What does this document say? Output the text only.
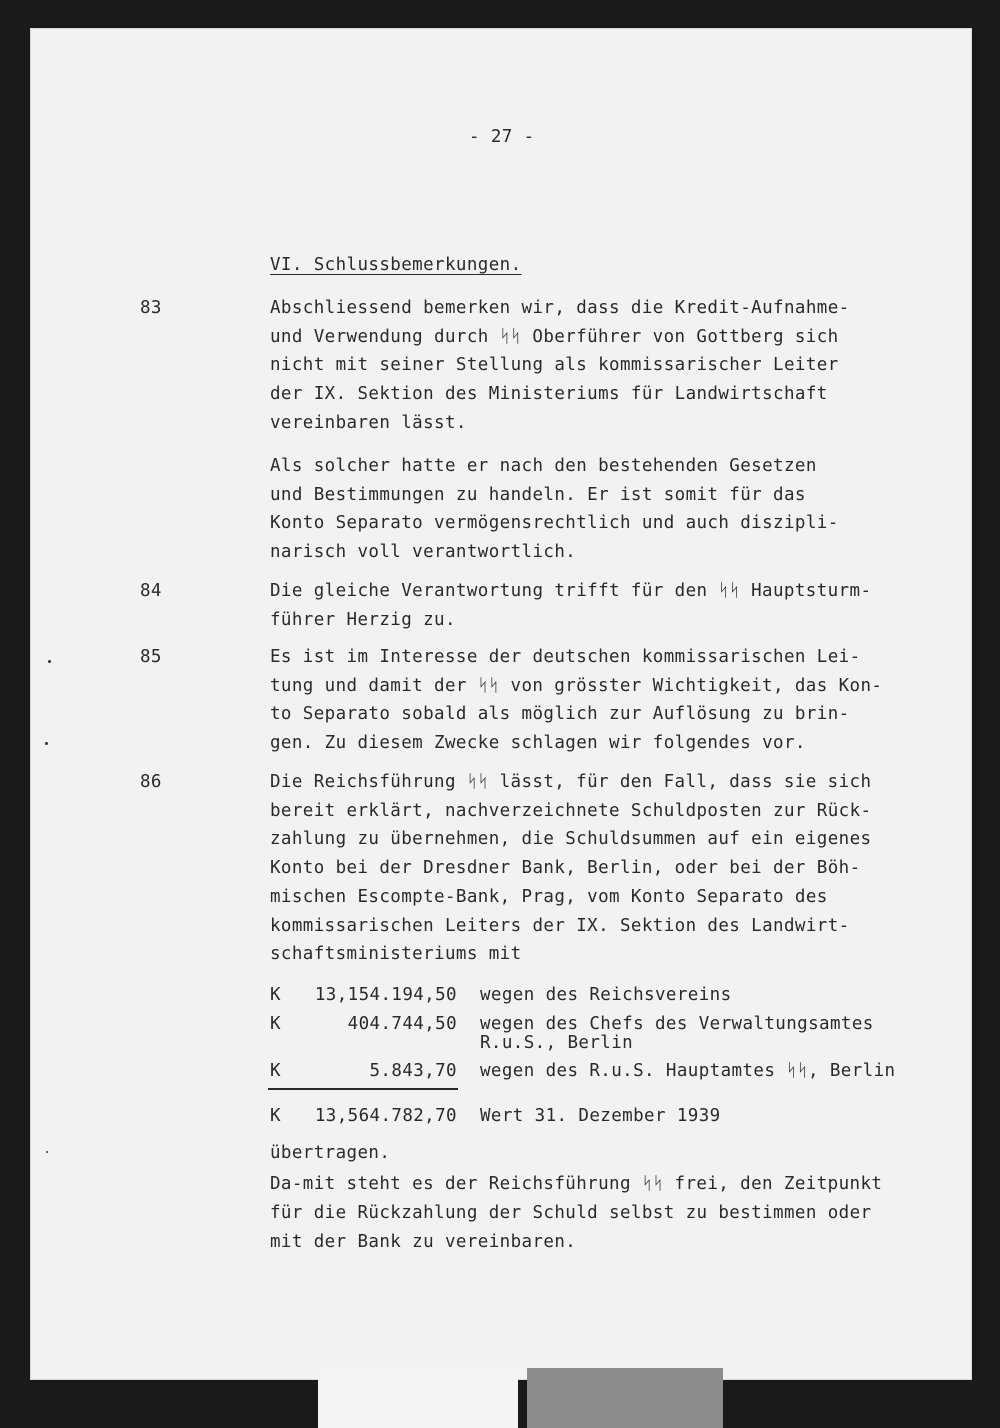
- 27 -
VI. Schlussbemerkungen.
83	Abschliessend bemerken wir, dass die Kredit-Aufnahme-
und Verwendung durch ᛋᛋ Oberführer von Gottberg sich
nicht mit seiner Stellung als kommissarischer Leiter
der IX. Sektion des Ministeriums für Landwirtschaft
vereinbaren lässt.
Als solcher hatte er nach den bestehenden Gesetzen
und Bestimmungen zu handeln. Er ist somit für das
Konto Separato vermögensrechtlich und auch diszipli-
narisch voll verantwortlich.
84	Die gleiche Verantwortung trifft für den ᛋᛋ Hauptsturm-
führer Herzig zu.
85	Es ist im Interesse der deutschen kommissarischen Lei-
tung und damit der ᛋᛋ von grösster Wichtigkeit, das Kon-
to Separato sobald als möglich zur Auflösung zu brin-
gen. Zu diesem Zwecke schlagen wir folgendes vor.
86	Die Reichsführung ᛋᛋ lässt, für den Fall, dass sie sich
bereit erklärt, nachverzeichnete Schuldposten zur Rück-
zahlung zu übernehmen, die Schuldsummen auf ein eigenes
Konto bei der Dresdner Bank, Berlin, oder bei der Böh-
mischen Escompte-Bank, Prag, vom Konto Separato des
kommissarischen Leiters der IX. Sektion des Landwirt-
schaftsministeriums mit
K	13,154.194,50 wegen des Reichsvereins
K	404.744,50 wegen des Chefs des Verwaltungsamtes
R.u.S., Berlin
K	5.843,70 wegen des R.u.S. Hauptamtes ᛋᛋ, Berlin
K	13,564.782,70 Wert 31. Dezember 1939
übertragen.
Da-mit steht es der Reichsführung ᛋᛋ frei, den Zeitpunkt
für die Rückzahlung der Schuld selbst zu bestimmen oder
mit der Bank zu vereinbaren.
